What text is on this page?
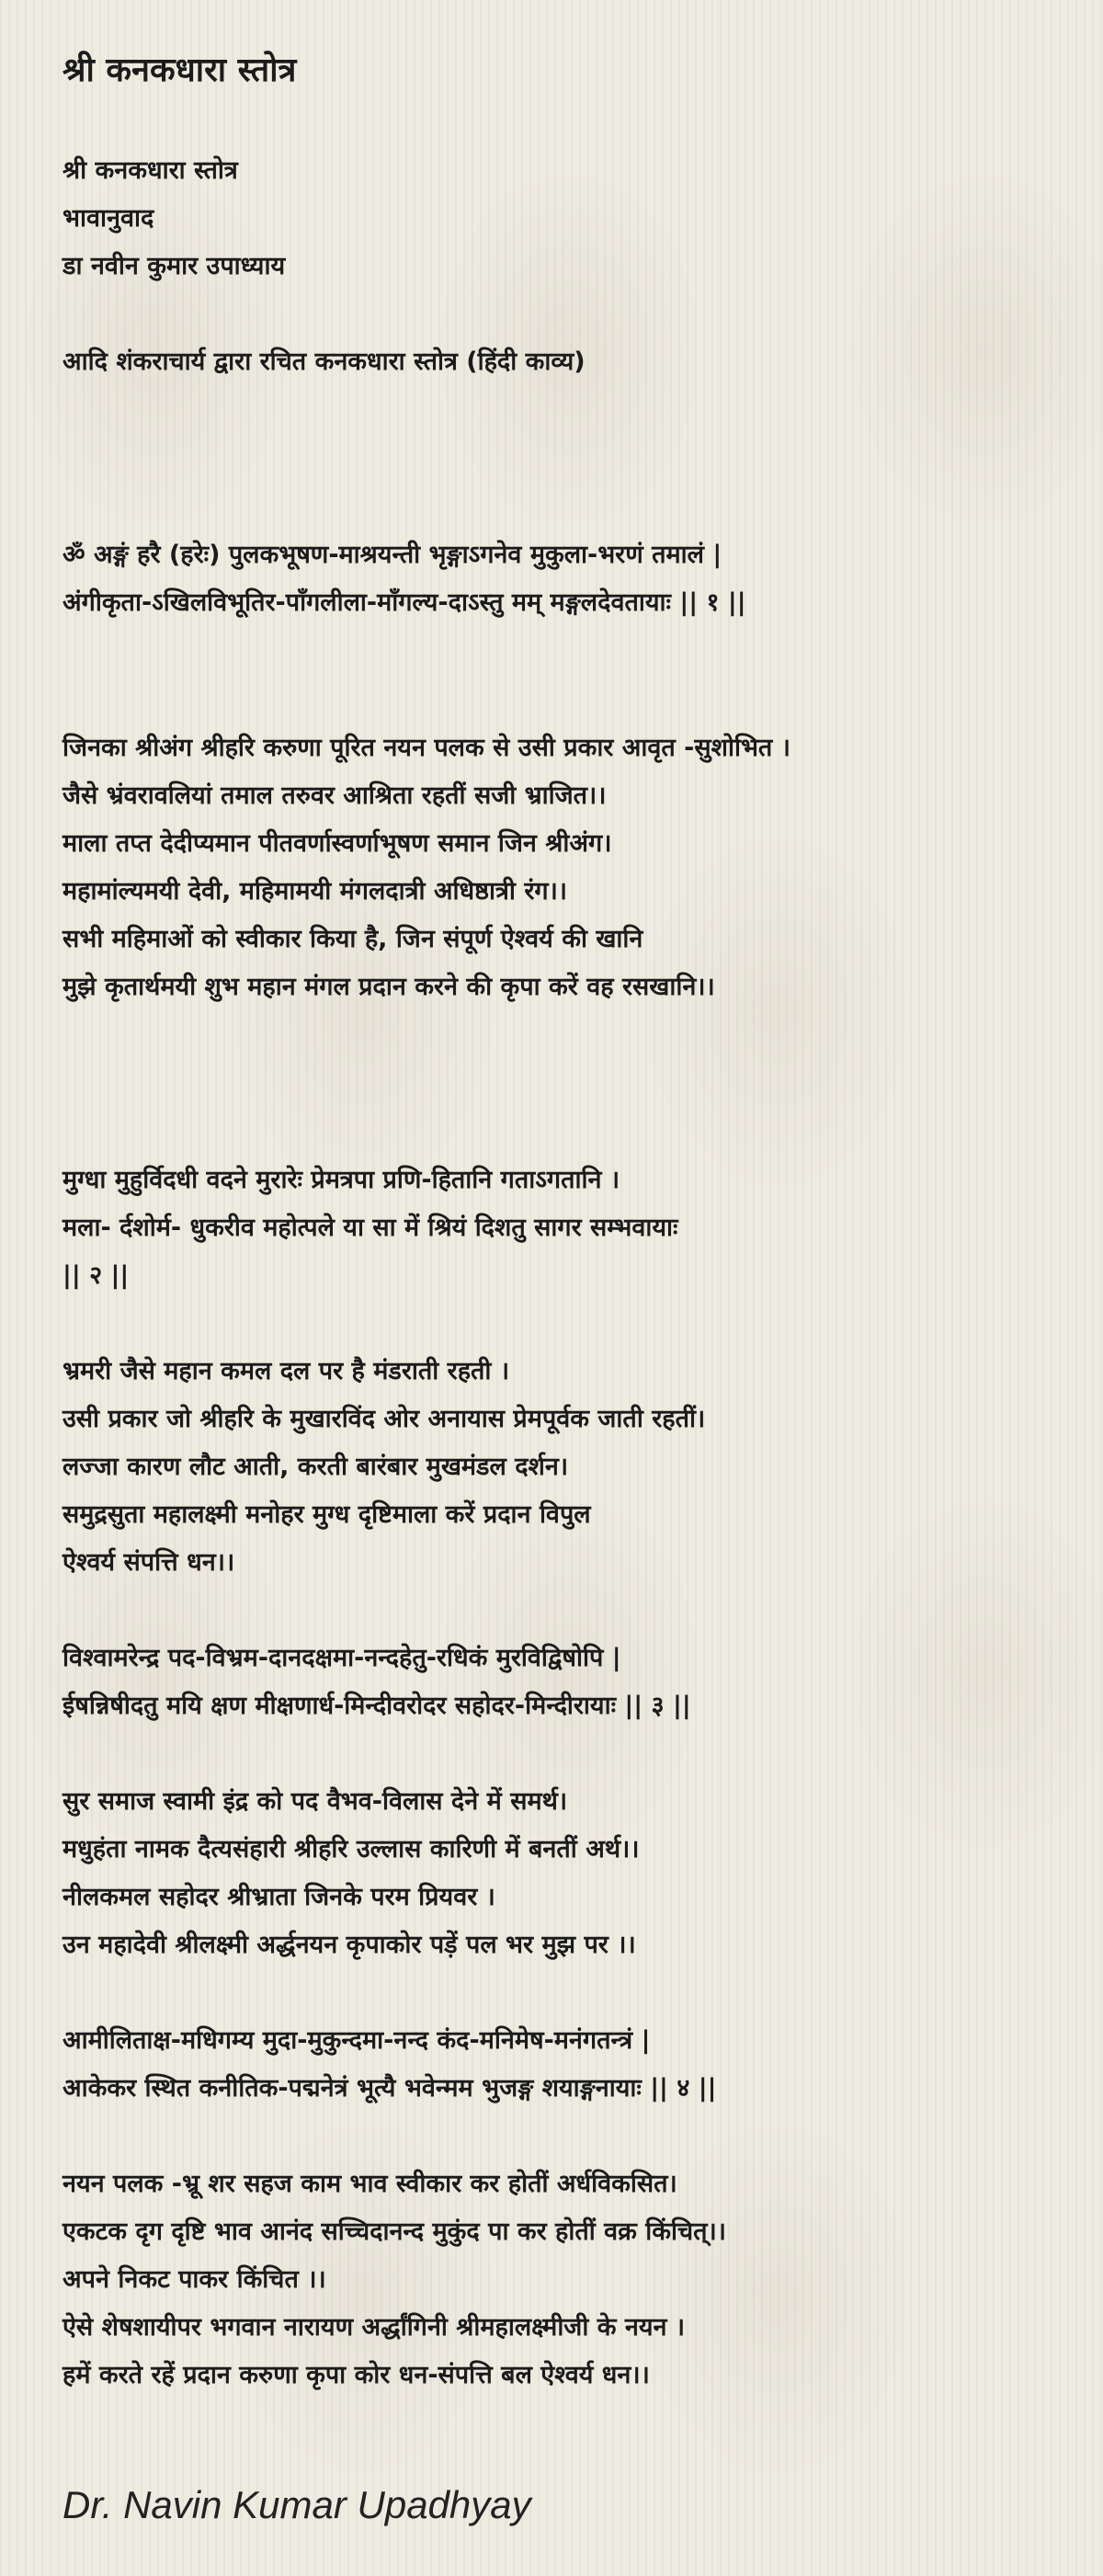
श्री कनकधारा स्तोत्र
श्री कनकधारा स्तोत्र
भावानुवाद
डा नवीन कुमार उपाध्याय
आदि शंकराचार्य द्वारा रचित कनकधारा स्तोत्र (हिंदी काव्य)
ॐ अङ्गं हरै (हरेः) पुलकभूषण-माश्रयन्ती भृङ्गाऽगनेव मुकुला-भरणं तमालं |
अंगीकृता-ऽखिलविभूतिर-पाँगलीला-माँगल्य-दाऽस्तु मम् मङ्गलदेवतायाः || १ ||
जिनका श्रीअंग श्रीहरि करुणा पूरित नयन पलक से उसी प्रकार आवृत -सुशोभित ।
जैसे भ्रंवरावलियां तमाल तरुवर आश्रिता रहतीं सजी भ्राजित।।
माला तप्त देदीप्यमान पीतवर्णास्वर्णाभूषण समान जिन श्रीअंग।
महामांल्यमयी देवी, महिमामयी मंगलदात्री अधिष्ठात्री रंग।।
सभी महिमाओं को स्वीकार किया है, जिन संपूर्ण ऐश्वर्य की खानि
मुझे कृतार्थमयी शुभ महान मंगल प्रदान करने की कृपा करें वह रसखानि।।
मुग्धा मुहुर्विदधी वदने मुरारेः प्रेमत्रपा प्रणि-हितानि गताऽगतानि ।
मला- र्दशोर्म- धुकरीव महोत्पले या सा में श्रियं दिशतु सागर सम्भवायाः
|| २ ||
भ्रमरी जैसे महान कमल दल पर है मंडराती रहती ।
उसी प्रकार जो श्रीहरि के मुखारविंद ओर अनायास प्रेमपूर्वक जाती रहतीं।
लज्जा कारण लौट आती, करती बारंबार मुखमंडल दर्शन।
समुद्रसुता महालक्ष्मी मनोहर मुग्ध दृष्टिमाला करें प्रदान विपुल
ऐश्वर्य संपत्ति धन।।
विश्वामरेन्द्र पद-विभ्रम-दानदक्षमा-नन्दहेतु-रधिकं मुरविद्विषोपि |
ईषन्निषीदतु मयि क्षण मीक्षणार्ध-मिन्दीवरोदर सहोदर-मिन्दीरायाः || ३ ||
सुर समाज स्वामी इंद्र को पद वैभव-विलास देने में समर्थ।
मधुहंता नामक दैत्यसंहारी श्रीहरि उल्लास कारिणी में बनतीं अर्थ।।
नीलकमल सहोदर श्रीभ्राता जिनके परम प्रियवर ।
उन महादेवी श्रीलक्ष्मी अर्द्धनयन कृपाकोर पड़ें पल भर मुझ पर ।।
आमीलिताक्ष-मधिगम्य मुदा-मुकुन्दमा-नन्द कंद-मनिमेष-मनंगतन्त्रं |
आकेकर स्थित कनीतिक-पद्मनेत्रं भूत्यै भवेन्मम भुजङ्ग शयाङ्गनायाः || ४ ||
नयन पलक -भ्रू शर सहज काम भाव स्वीकार कर होतीं अर्धविकसित।
एकटक दृग दृष्टि भाव आनंद सच्चिदानन्द मुकुंद पा कर होतीं वक्र किंचित्।।
अपने निकट पाकर किंचित ।।
ऐसे शेषशायीपर भगवान नारायण अर्द्धांगिनी श्रीमहालक्ष्मीजी के नयन ।
हमें करते रहें प्रदान करुणा कृपा कोर धन-संपत्ति बल ऐश्वर्य धन।।

Dr. Navin Kumar Upadhyay
